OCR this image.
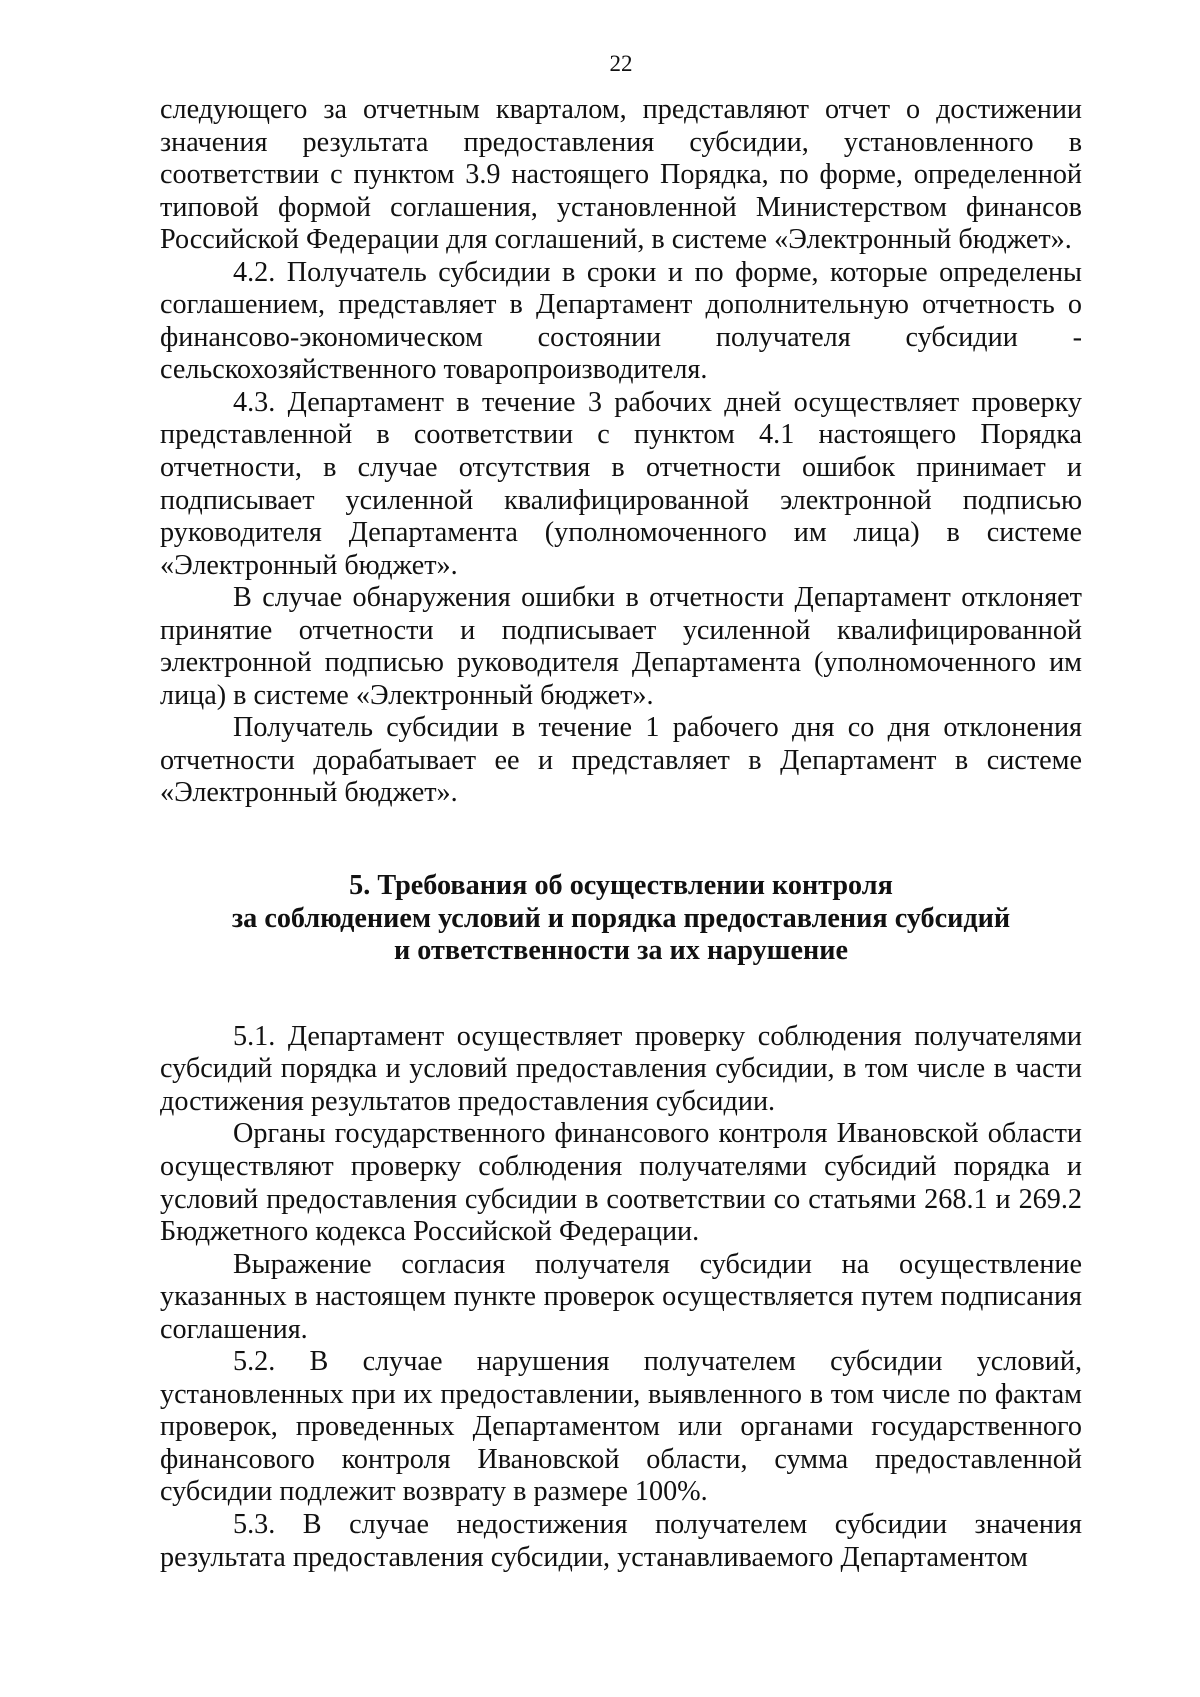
22

следующего за отчетным кварталом, представляют отчет о достижении значения результата предоставления субсидии, установленного в соответствии с пунктом 3.9 настоящего Порядка, по форме, определенной типовой формой соглашения, установленной Министерством финансов Российской Федерации для соглашений, в системе «Электронный бюджет».

4.2. Получатель субсидии в сроки и по форме, которые определены соглашением, представляет в Департамент дополнительную отчетность о финансово-экономическом состоянии получателя субсидии - сельскохозяйственного товаропроизводителя.

4.3. Департамент в течение 3 рабочих дней осуществляет проверку представленной в соответствии с пунктом 4.1 настоящего Порядка отчетности, в случае отсутствия в отчетности ошибок принимает и подписывает усиленной квалифицированной электронной подписью руководителя Департамента (уполномоченного им лица) в системе «Электронный бюджет».

В случае обнаружения ошибки в отчетности Департамент отклоняет принятие отчетности и подписывает усиленной квалифицированной электронной подписью руководителя Департамента (уполномоченного им лица) в системе «Электронный бюджет».

Получатель субсидии в течение 1 рабочего дня со дня отклонения отчетности дорабатывает ее и представляет в Департамент в системе «Электронный бюджет».

5. Требования об осуществлении контроля
за соблюдением условий и порядка предоставления субсидий
и ответственности за их нарушение

5.1. Департамент осуществляет проверку соблюдения получателями субсидий порядка и условий предоставления субсидии, в том числе в части достижения результатов предоставления субсидии.

Органы государственного финансового контроля Ивановской области осуществляют проверку соблюдения получателями субсидий порядка и условий предоставления субсидии в соответствии со статьями 268.1 и 269.2 Бюджетного кодекса Российской Федерации.

Выражение согласия получателя субсидии на осуществление указанных в настоящем пункте проверок осуществляется путем подписания соглашения.

5.2. В случае нарушения получателем субсидии условий, установленных при их предоставлении, выявленного в том числе по фактам проверок, проведенных Департаментом или органами государственного финансового контроля Ивановской области, сумма предоставленной субсидии подлежит возврату в размере 100%.

5.3. В случае недостижения получателем субсидии значения результата предоставления субсидии, устанавливаемого Департаментом
